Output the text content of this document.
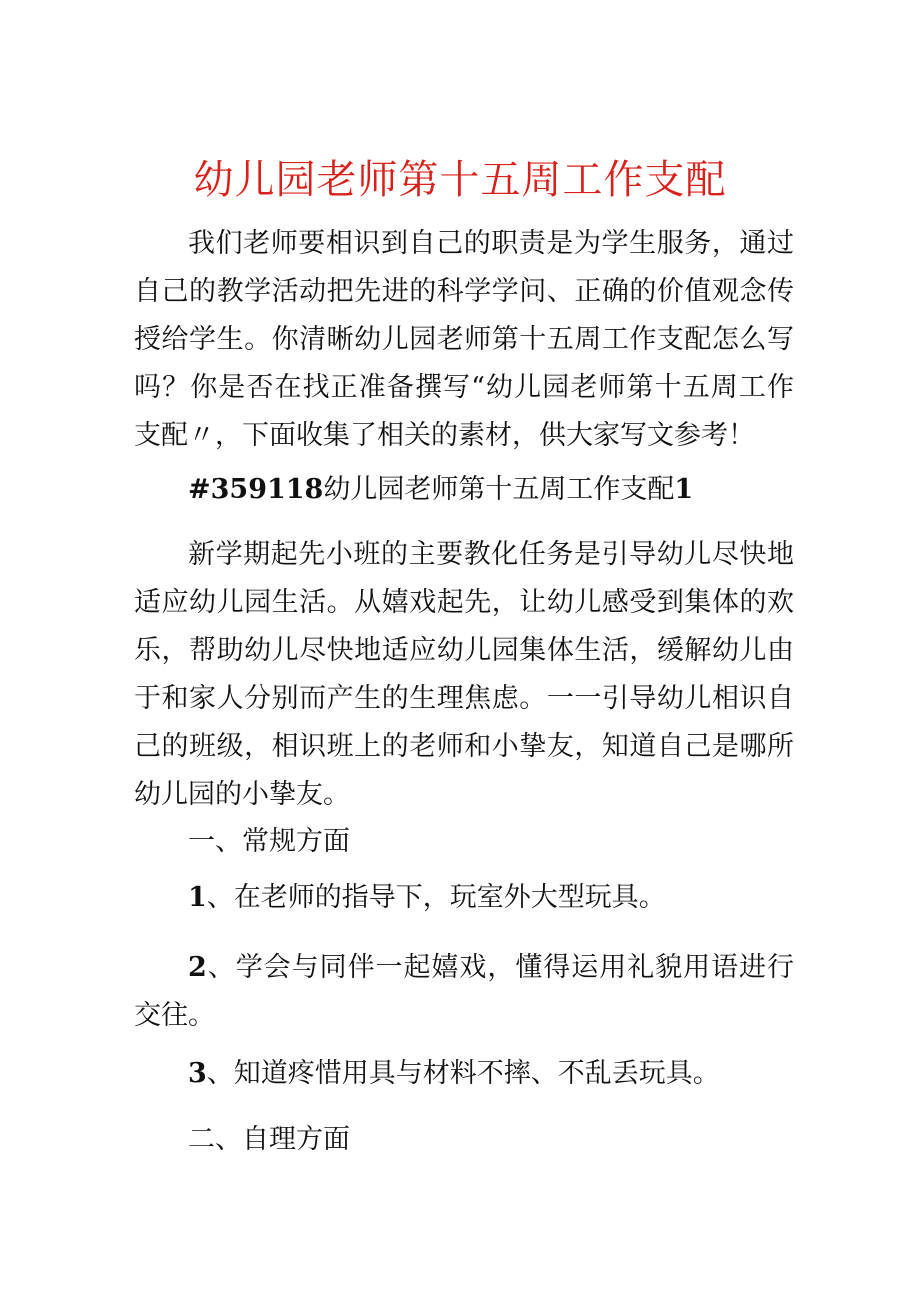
幼儿园老师第十五周工作支配

我们老师要相识到自己的职责是为学生服务，通过自己的教学活动把先进的科学学问、正确的价值观念传授给学生。你清晰幼儿园老师第十五周工作支配怎么写吗？你是否在找正准备撰写“幼儿园老师第十五周工作支配〃，下面收集了相关的素材，供大家写文参考！

#359118幼儿园老师第十五周工作支配1

新学期起先小班的主要教化任务是引导幼儿尽快地适应幼儿园生活。从嬉戏起先，让幼儿感受到集体的欢乐，帮助幼儿尽快地适应幼儿园集体生活，缓解幼儿由于和家人分别而产生的生理焦虑。一一引导幼儿相识自己的班级，相识班上的老师和小挚友，知道自己是哪所幼儿园的小挚友。

一、常规方面

1、在老师的指导下，玩室外大型玩具。

2、学会与同伴一起嬉戏，懂得运用礼貌用语进行交往。

3、知道疼惜用具与材料不摔、不乱丢玩具。

二、自理方面
